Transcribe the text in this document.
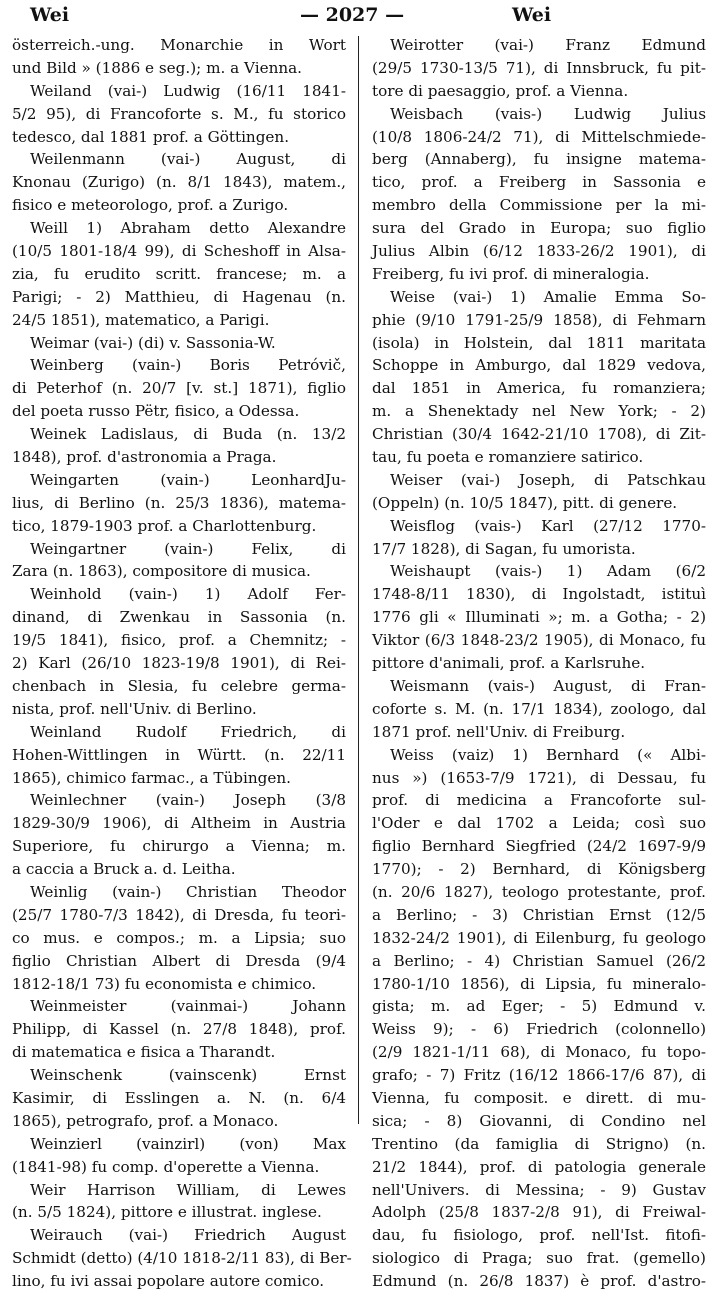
Wei	— 2027 —	Wei
österreich.-ung. Monarchie in Wort
und Bild » (1886 e seg.); m. a Vienna.
Weiland (vai-) Ludwig (16/11 1841-
5/2 95), di Francoforte s. M., fu storico
tedesco, dal 1881 prof. a Göttingen.
Weilenmann (vai-) August, di
Knonau (Zurigo) (n. 8/1 1843), matem.,
fisico e meteorologo, prof. a Zurigo.
Weill 1) Abraham detto Alexandre
(10/5 1801-18/4 99), di Scheshoff in Alsa-
zia, fu erudito scritt. francese; m. a
Parigi; - 2) Matthieu, di Hagenau (n.
24/5 1851), matematico, a Parigi.
Weimar (vai-) (di) v. Sassonia-W.
Weinberg (vain-) Boris Petróvič,
di Peterhof (n. 20/7 [v. st.] 1871), figlio
del poeta russo Pëtr, fisico, a Odessa.
Weinek Ladislaus, di Buda (n. 13/2
1848), prof. d'astronomia a Praga.
Weingarten (vain-) LeonhardJu-
lius, di Berlino (n. 25/3 1836), matema-
tico, 1879-1903 prof. a Charlottenburg.
Weingartner (vain-) Felix, di
Zara (n. 1863), compositore di musica.
Weinhold (vain-) 1) Adolf Fer-
dinand, di Zwenkau in Sassonia (n.
19/5 1841), fisico, prof. a Chemnitz; -
2) Karl (26/10 1823-19/8 1901), di Rei-
chenbach in Slesia, fu celebre germa-
nista, prof. nell'Univ. di Berlino.
Weinland Rudolf Friedrich, di
Hohen-Wittlingen in Württ. (n. 22/11
1865), chimico farmac., a Tübingen.
Weinlechner (vain-) Joseph (3/8
1829-30/9 1906), di Altheim in Austria
Superiore, fu chirurgo a Vienna; m.
a caccia a Bruck a. d. Leitha.
Weinlig (vain-) Christian Theodor
(25/7 1780-7/3 1842), di Dresda, fu teori-
co mus. e compos.; m. a Lipsia; suo
figlio Christian Albert di Dresda (9/4
1812-18/1 73) fu economista e chimico.
Weinmeister (vainmai-) Johann
Philipp, di Kassel (n. 27/8 1848), prof.
di matematica e fisica a Tharandt.
Weinschenk (vainscenk) Ernst
Kasimir, di Esslingen a. N. (n. 6/4
1865), petrografo, prof. a Monaco.
Weinzierl (vainzirl) (von) Max
(1841-98) fu comp. d'operette a Vienna.
Weir Harrison William, di Lewes
(n. 5/5 1824), pittore e illustrat. inglese.
Weirauch (vai-) Friedrich August
Schmidt (detto) (4/10 1818-2/11 83), di Ber-
lino, fu ivi assai popolare autore comico.
Weirotter (vai-) Franz Edmund
(29/5 1730-13/5 71), di Innsbruck, fu pit-
tore di paesaggio, prof. a Vienna.
Weisbach (vais-) Ludwig Julius
(10/8 1806-24/2 71), di Mittelschmiede-
berg (Annaberg), fu insigne matema-
tico, prof. a Freiberg in Sassonia e
membro della Commissione per la mi-
sura del Grado in Europa; suo figlio
Julius Albin (6/12 1833-26/2 1901), di
Freiberg, fu ivi prof. di mineralogia.
Weise (vai-) 1) Amalie Emma So-
phie (9/10 1791-25/9 1858), di Fehmarn
(isola) in Holstein, dal 1811 maritata
Schoppe in Amburgo, dal 1829 vedova,
dal 1851 in America, fu romanziera;
m. a Shenektady nel New York; - 2)
Christian (30/4 1642-21/10 1708), di Zit-
tau, fu poeta e romanziere satirico.
Weiser (vai-) Joseph, di Patschkau
(Oppeln) (n. 10/5 1847), pitt. di genere.
Weisflog (vais-) Karl (27/12 1770-
17/7 1828), di Sagan, fu umorista.
Weishaupt (vais-) 1) Adam (6/2
1748-8/11 1830), di Ingolstadt, istituì
1776 gli « Illuminati »; m. a Gotha; - 2)
Viktor (6/3 1848-23/2 1905), di Monaco, fu
pittore d'animali, prof. a Karlsruhe.
Weismann (vais-) August, di Fran-
coforte s. M. (n. 17/1 1834), zoologo, dal
1871 prof. nell'Univ. di Freiburg.
Weiss (vaiz) 1) Bernhard (« Albi-
nus ») (1653-7/9 1721), di Dessau, fu
prof. di medicina a Francoforte sul-
l'Oder e dal 1702 a Leida; così suo
figlio Bernhard Siegfried (24/2 1697-9/9
1770); - 2) Bernhard, di Königsberg
(n. 20/6 1827), teologo protestante, prof.
a Berlino; - 3) Christian Ernst (12/5
1832-24/2 1901), di Eilenburg, fu geologo
a Berlino; - 4) Christian Samuel (26/2
1780-1/10 1856), di Lipsia, fu mineralo-
gista; m. ad Eger; - 5) Edmund v.
Weiss 9); - 6) Friedrich (colonnello)
(2/9 1821-1/11 68), di Monaco, fu topo-
grafo; - 7) Fritz (16/12 1866-17/6 87), di
Vienna, fu composit. e dirett. di mu-
sica; - 8) Giovanni, di Condino nel
Trentino (da famiglia di Strigno) (n.
21/2 1844), prof. di patologia generale
nell'Univers. di Messina; - 9) Gustav
Adolph (25/8 1837-2/8 91), di Freiwal-
dau, fu fisiologo, prof. nell'Ist. fitofi-
siologico di Praga; suo frat. (gemello)
Edmund (n. 26/8 1837) è prof. d'astro-
